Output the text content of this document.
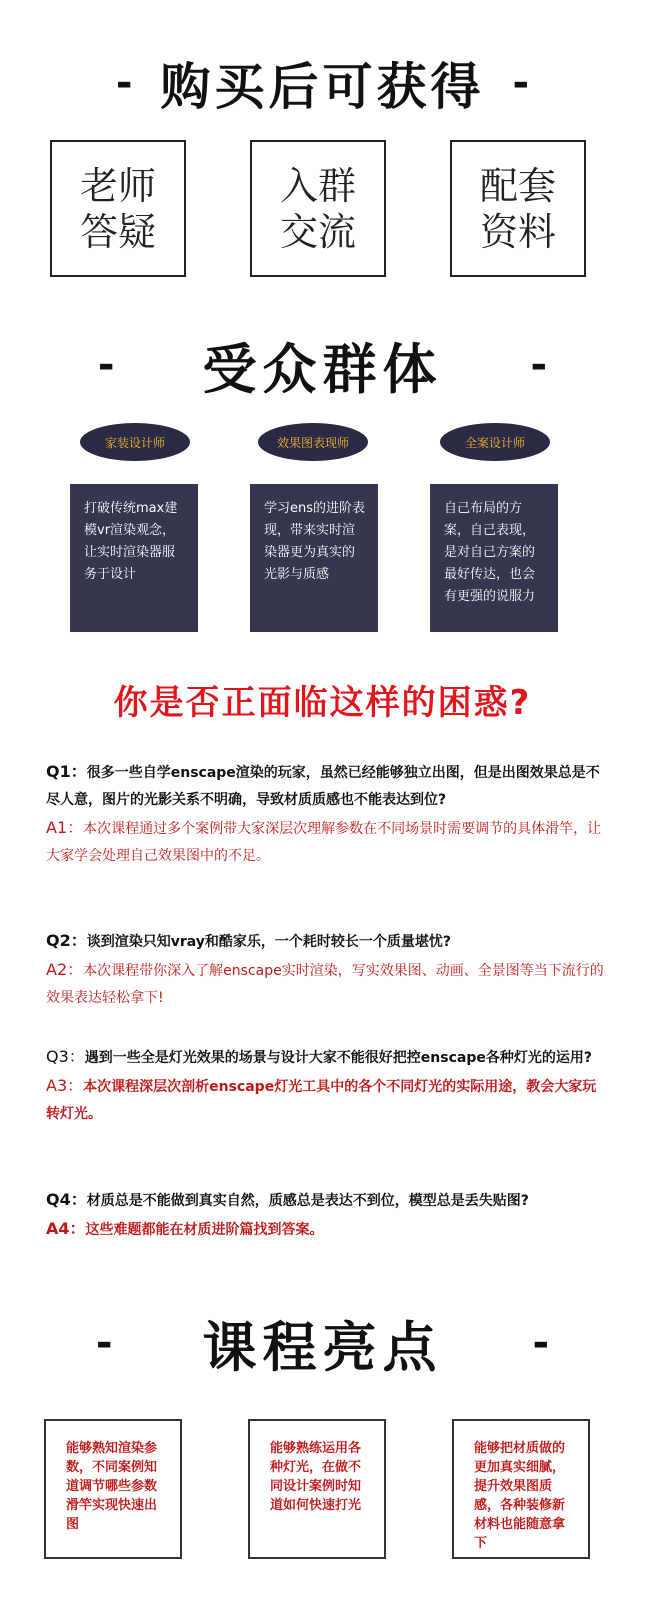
- 购买后可获得 -
老师
答疑
入群
交流
配套
资料
- 受众群体 -
家装设计师	效果图表现师	全案设计师
打破传统max建模vr渲染观念，让实时渲染器服务于设计
学习ens的进阶表现，带来实时渲染器更为真实的光影与质感
自己布局的方案，自己表现，是对自己方案的最好传达，也会有更强的说服力
你是否正面临这样的困惑?
Q1：很多一些自学enscape渲染的玩家，虽然已经能够独立出图，但是出图效果总是不尽人意，图片的光影关系不明确，导致材质质感也不能表达到位?
A1：本次课程通过多个案例带大家深层次理解参数在不同场景时需要调节的具体滑竿，让大家学会处理自己效果图中的不足。
Q2：谈到渲染只知vray和酷家乐，一个耗时较长一个质量堪忧?
A2：本次课程带你深入了解enscape实时渲染，写实效果图、动画、全景图等当下流行的效果表达轻松拿下!
Q3：遇到一些全是灯光效果的场景与设计大家不能很好把控enscape各种灯光的运用?
A3：本次课程深层次剖析enscape灯光工具中的各个不同灯光的实际用途，教会大家玩转灯光。
Q4：材质总是不能做到真实自然，质感总是表达不到位，模型总是丢失贴图?
A4：这些难题都能在材质进阶篇找到答案。
- 课程亮点 -
能够熟知渲染参数，不同案例知道调节哪些参数滑竿实现快速出图
能够熟练运用各种灯光，在做不同设计案例时知道如何快速打光
能够把材质做的更加真实细腻，提升效果图质感，各种装修新材料也能随意拿下
